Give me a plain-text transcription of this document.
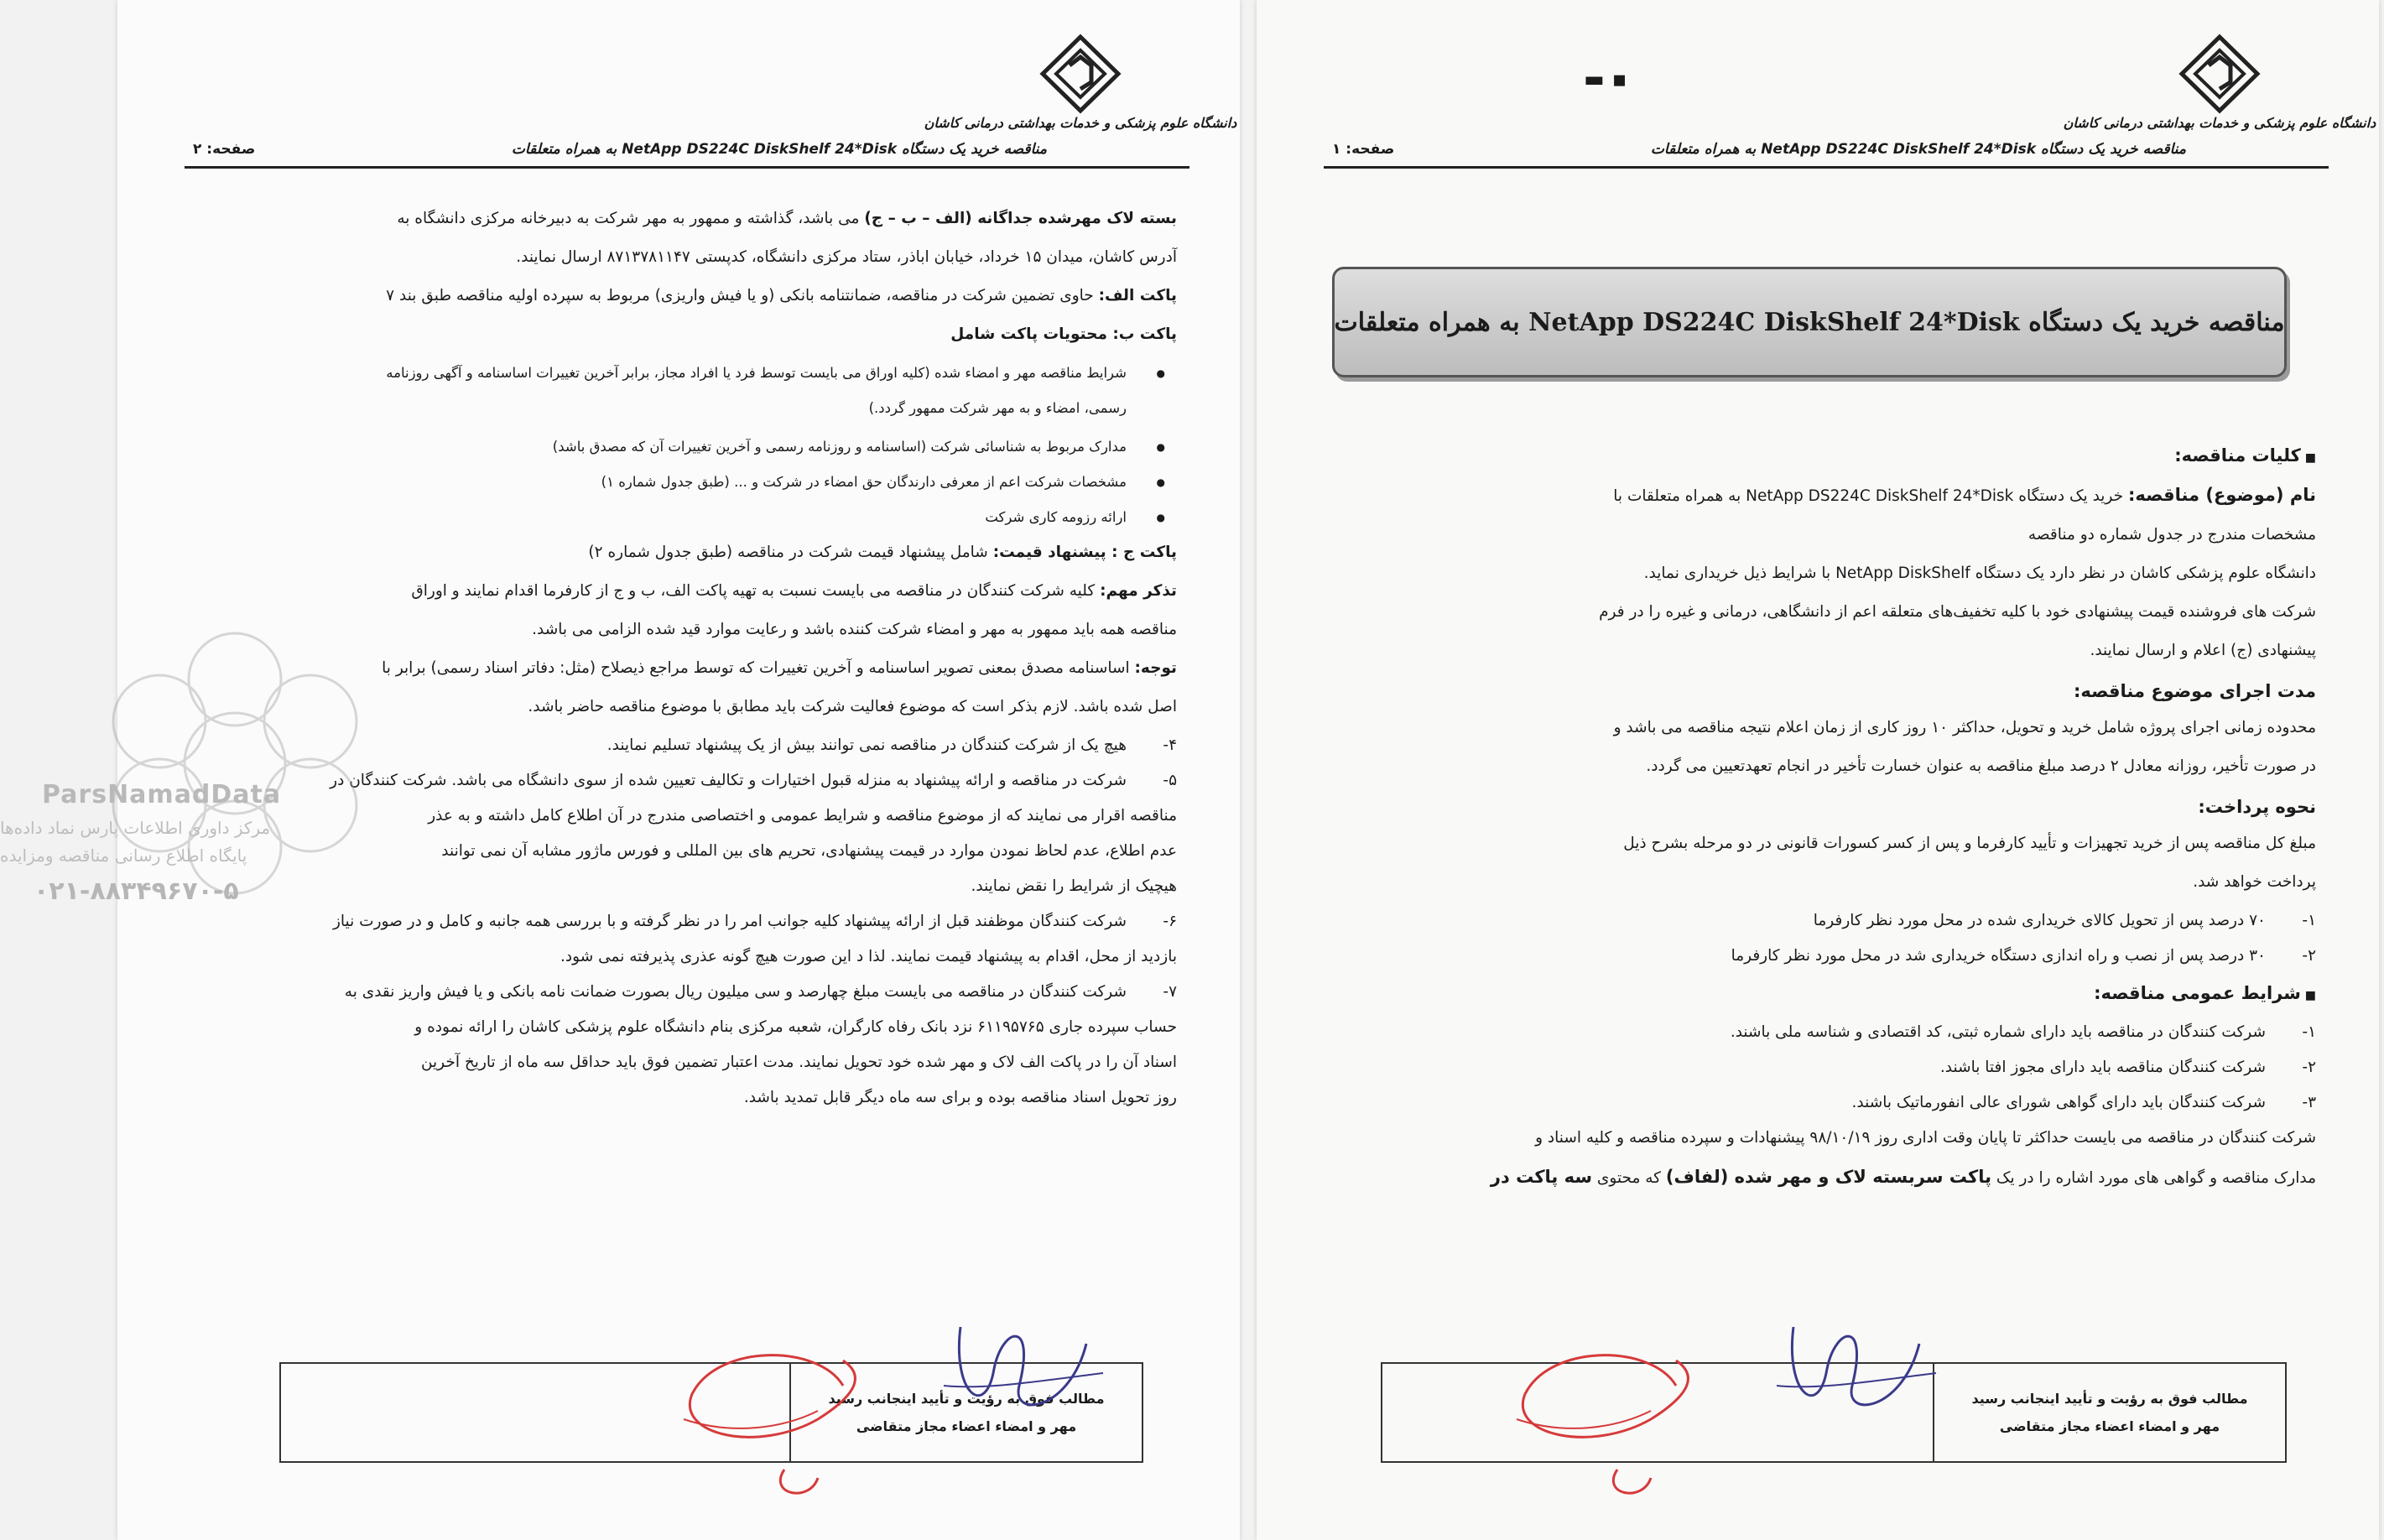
دانشگاه علوم پزشکی و خدمات بهداشتی درمانی کاشان
مناقصه خرید یک دستگاه NetApp DS224C DiskShelf 24*Disk به همراه متعلقات
صفحه: ۲
بسته لاک مهرشده جداگانه (الف – ب – ج) می باشد، گذاشته و ممهور به مهر شرکت به دبیرخانه مرکزی دانشگاه به
آدرس کاشان، میدان ۱۵ خرداد، خیابان اباذر، ستاد مرکزی دانشگاه، کدپستی ۸۷۱۳۷۸۱۱۴۷ ارسال نمایند.
پاکت الف: حاوی تضمین شرکت در مناقصه، ضمانتنامه بانکی (و یا فیش واریزی) مربوط به سپرده اولیه مناقصه طبق بند ۷
پاکت ب: محتویات پاکت شامل
● شرایط مناقصه مهر و امضاء شده (کلیه اوراق می بایست توسط فرد یا افراد مجاز، برابر آخرین تغییرات اساسنامه و آگهی روزنامه
رسمی، امضاء و به مهر شرکت ممهور گردد.)
● مدارک مربوط به شناسائی شرکت (اساسنامه و روزنامه رسمی و آخرین تغییرات آن که مصدق باشد)
● مشخصات شرکت اعم از معرفی دارندگان حق امضاء در شرکت و ... (طبق جدول شماره ۱)
● ارائه رزومه کاری شرکت
پاکت ج : پیشنهاد قیمت: شامل پیشنهاد قیمت شرکت در مناقصه (طبق جدول شماره ۲)
تذکر مهم: کلیه شرکت کنندگان در مناقصه می بایست نسبت به تهیه پاکت الف، ب و ج از کارفرما اقدام نمایند و اوراق
مناقصه همه باید ممهور به مهر و امضاء شرکت کننده باشد و رعایت موارد قید شده الزامی می باشد.
توجه: اساسنامه مصدق بمعنی تصویر اساسنامه و آخرین تغییرات که توسط مراجع ذیصلاح (مثل: دفاتر اسناد رسمی) برابر با
اصل شده باشد. لازم بذکر است که موضوع فعالیت شرکت باید مطابق با موضوع مناقصه حاضر باشد.
۴-
هیچ یک از شرکت کنندگان در مناقصه نمی توانند بیش از یک پیشنهاد تسلیم نمایند.
۵-
شرکت در مناقصه و ارائه پیشنهاد به منزله قبول اختیارات و تکالیف تعیین شده از سوی دانشگاه می باشد. شرکت کنندگان در
مناقصه اقرار می نمایند که از موضوع مناقصه و شرایط عمومی و اختصاصی مندرج در آن اطلاع کامل داشته و به عذر
عدم اطلاع، عدم لحاظ نمودن موارد در قیمت پیشنهادی، تحریم های بین المللی و فورس ماژور مشابه آن نمی توانند
هیچیک از شرایط را نقض نمایند.
۶-
شرکت کنندگان موظفند قبل از ارائه پیشنهاد کلیه جوانب امر را در نظر گرفته و با بررسی همه جانبه و کامل و در صورت نیاز
بازدید از محل، اقدام به پیشنهاد قیمت نمایند. لذا د این صورت هیچ گونه عذری پذیرفته نمی شود.
۷-
شرکت کنندگان در مناقصه می بایست مبلغ چهارصد و سی میلیون ریال بصورت ضمانت نامه بانکی و یا فیش واریز نقدی به
حساب سپرده جاری ۶۱۱۹۵۷۶۵ نزد بانک رفاه کارگران، شعبه مرکزی بنام دانشگاه علوم پزشکی کاشان را ارائه نموده و
اسناد آن را در پاکت الف لاک و مهر شده خود تحویل نمایند. مدت اعتبار تضمین فوق باید حداقل سه ماه از تاریخ آخرین
روز تحویل اسناد مناقصه بوده و برای سه ماه دیگر قابل تمدید باشد.
ParsNamadData
مرکز داوری اطلاعات پارس نماد داده‌ها
پایگاه اطلاع رسانی مناقصه ومزایده
۰۲۱-۸۸۳۴۹۶۷۰-۵
مطالب فوق به رؤیت و تأیید اینجانب رسید
مهر و امضاء اعضاء مجاز متقاضی
▪ ▬
دانشگاه علوم پزشکی و خدمات بهداشتی درمانی کاشان
مناقصه خرید یک دستگاه NetApp DS224C DiskShelf 24*Disk به همراه متعلقات
صفحه: ۱
مناقصه خرید یک دستگاه NetApp DS224C DiskShelf 24*Disk به همراه متعلقات
■ کلیات مناقصه:
نام (موضوع) مناقصه: خرید یک دستگاه NetApp DS224C DiskShelf 24*Disk به همراه متعلقات با
مشخصات مندرج در جدول شماره دو مناقصه
دانشگاه علوم پزشکی کاشان در نظر دارد یک دستگاه NetApp DiskShelf با شرایط ذیل خریداری نماید.
شرکت های فروشنده قیمت پیشنهادی خود با کلیه تخفیف‌های متعلقه اعم از دانشگاهی، درمانی و غیره را در فرم
پیشنهادی (ج) اعلام و ارسال نمایند.
مدت اجرای موضوع مناقصه:
محدوده زمانی اجرای پروژه شامل خرید و تحویل، حداکثر ۱۰ روز کاری از زمان اعلام نتیجه مناقصه می باشد و
در صورت تأخیر، روزانه معادل ۲ درصد مبلغ مناقصه به عنوان خسارت تأخیر در انجام تعهدتعیین می گردد.
نحوه پرداخت:
مبلغ کل مناقصه پس از خرید تجهیزات و تأیید کارفرما و پس از کسر کسورات قانونی در دو مرحله بشرح ذیل
پرداخت خواهد شد.
۱-
۷۰ درصد پس از تحویل کالای خریداری شده در محل مورد نظر کارفرما
۲-
۳۰ درصد پس از نصب و راه اندازی دستگاه خریداری شد در محل مورد نظر کارفرما
■ شرایط عمومی مناقصه:
۱-
شرکت کنندگان در مناقصه باید دارای شماره ثبتی، کد اقتصادی و شناسه ملی باشند.
۲-
شرکت کنندگان مناقصه باید دارای مجوز افتا باشند.
۳-
شرکت کنندگان باید دارای گواهی شورای عالی انفورماتیک باشند.
شرکت کنندگان در مناقصه می بایست حداکثر تا پایان وقت اداری روز ۹۸/۱۰/۱۹ پیشنهادات و سپرده مناقصه و کلیه اسناد و
مدارک مناقصه و گواهی های مورد اشاره را در یک پاکت سربسته لاک و مهر شده (لفاف) که محتوی سه پاکت در
مطالب فوق به رؤیت و تأیید اینجانب رسید
مهر و امضاء اعضاء مجاز متقاضی
